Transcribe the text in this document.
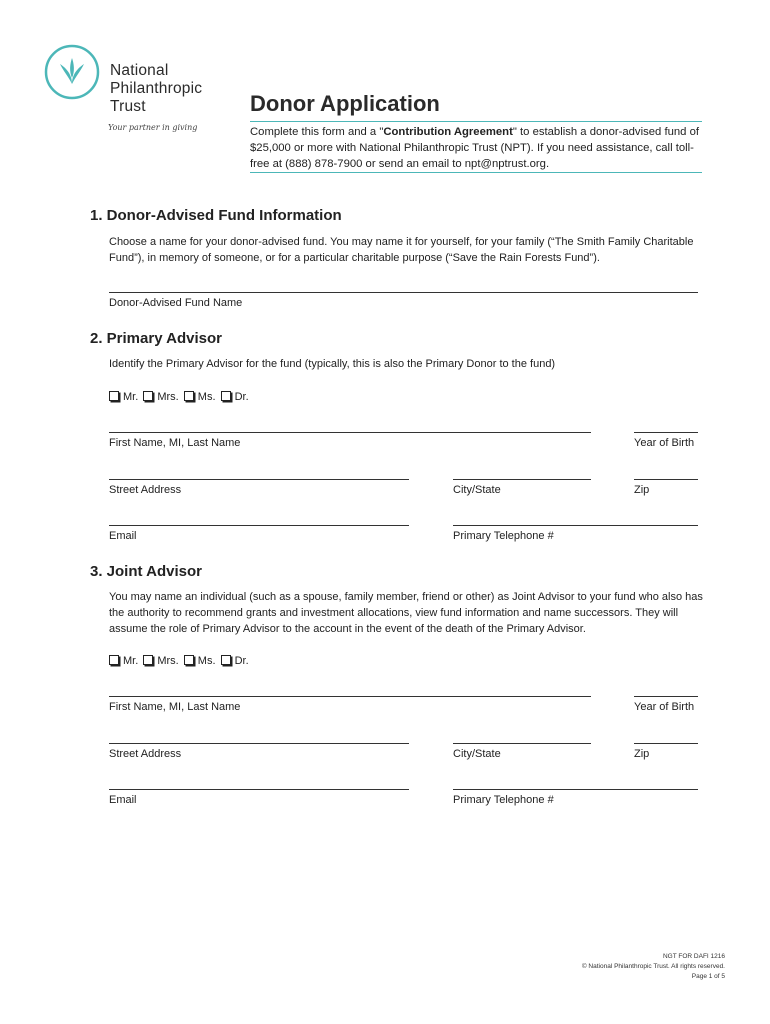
National
Philanthropic
Trust
Your partner in giving
Donor Application
Complete this form and a "Contribution Agreement" to establish a donor-advised fund of $25,000 or more with National Philanthropic Trust (NPT). If you need assistance, call toll-free at (888) 878-7900 or send an email to npt@nptrust.org.
1. Donor-Advised Fund Information
Choose a name for your donor-advised fund. You may name it for yourself, for your family (“The Smith Family Charitable Fund”), in memory of someone, or for a particular charitable purpose (“Save the Rain Forests Fund”).
Donor-Advised Fund Name
2. Primary Advisor
Identify the Primary Advisor for the fund (typically, this is also the Primary Donor to the fund)
Mr. Mrs. Ms. Dr.
First Name, MI, Last Name	Year of Birth
Street Address	City/State	Zip
Email	Primary Telephone #
3. Joint Advisor
You may name an individual (such as a spouse, family member, friend or other) as Joint Advisor to your fund who also has the authority to recommend grants and investment allocations, view fund information and name successors. They will assume the role of Primary Advisor to the account in the event of the death of the Primary Advisor.
Mr. Mrs. Ms. Dr.
First Name, MI, Last Name	Year of Birth
Street Address	City/State	Zip
Email	Primary Telephone #
NGT FOR DAFI 1216
© National Philanthropic Trust. All rights reserved.
Page 1 of 5
